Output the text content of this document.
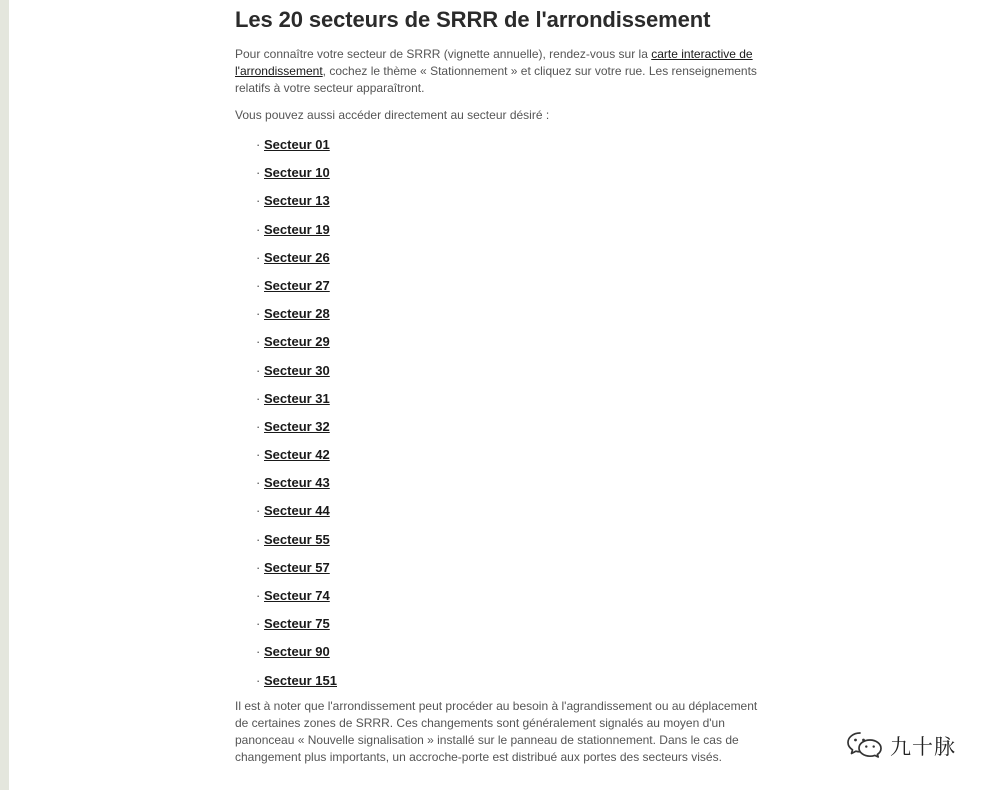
Les 20 secteurs de SRRR de l'arrondissement

Pour connaître votre secteur de SRRR (vignette annuelle), rendez-vous sur la carte interactive de l'arrondissement, cochez le thème « Stationnement » et cliquez sur votre rue. Les renseignements relatifs à votre secteur apparaîtront.

Vous pouvez aussi accéder directement au secteur désiré :

· Secteur 01
· Secteur 10
· Secteur 13
· Secteur 19
· Secteur 26
· Secteur 27
· Secteur 28
· Secteur 29
· Secteur 30
· Secteur 31
· Secteur 32
· Secteur 42
· Secteur 43
· Secteur 44
· Secteur 55
· Secteur 57
· Secteur 74
· Secteur 75
· Secteur 90
· Secteur 151

Il est à noter que l'arrondissement peut procéder au besoin à l'agrandissement ou au déplacement de certaines zones de SRRR. Ces changements sont généralement signalés au moyen d'un panonceau « Nouvelle signalisation » installé sur le panneau de stationnement. Dans le cas de changement plus importants, un accroche-porte est distribué aux portes des secteurs visés.	九十脉
